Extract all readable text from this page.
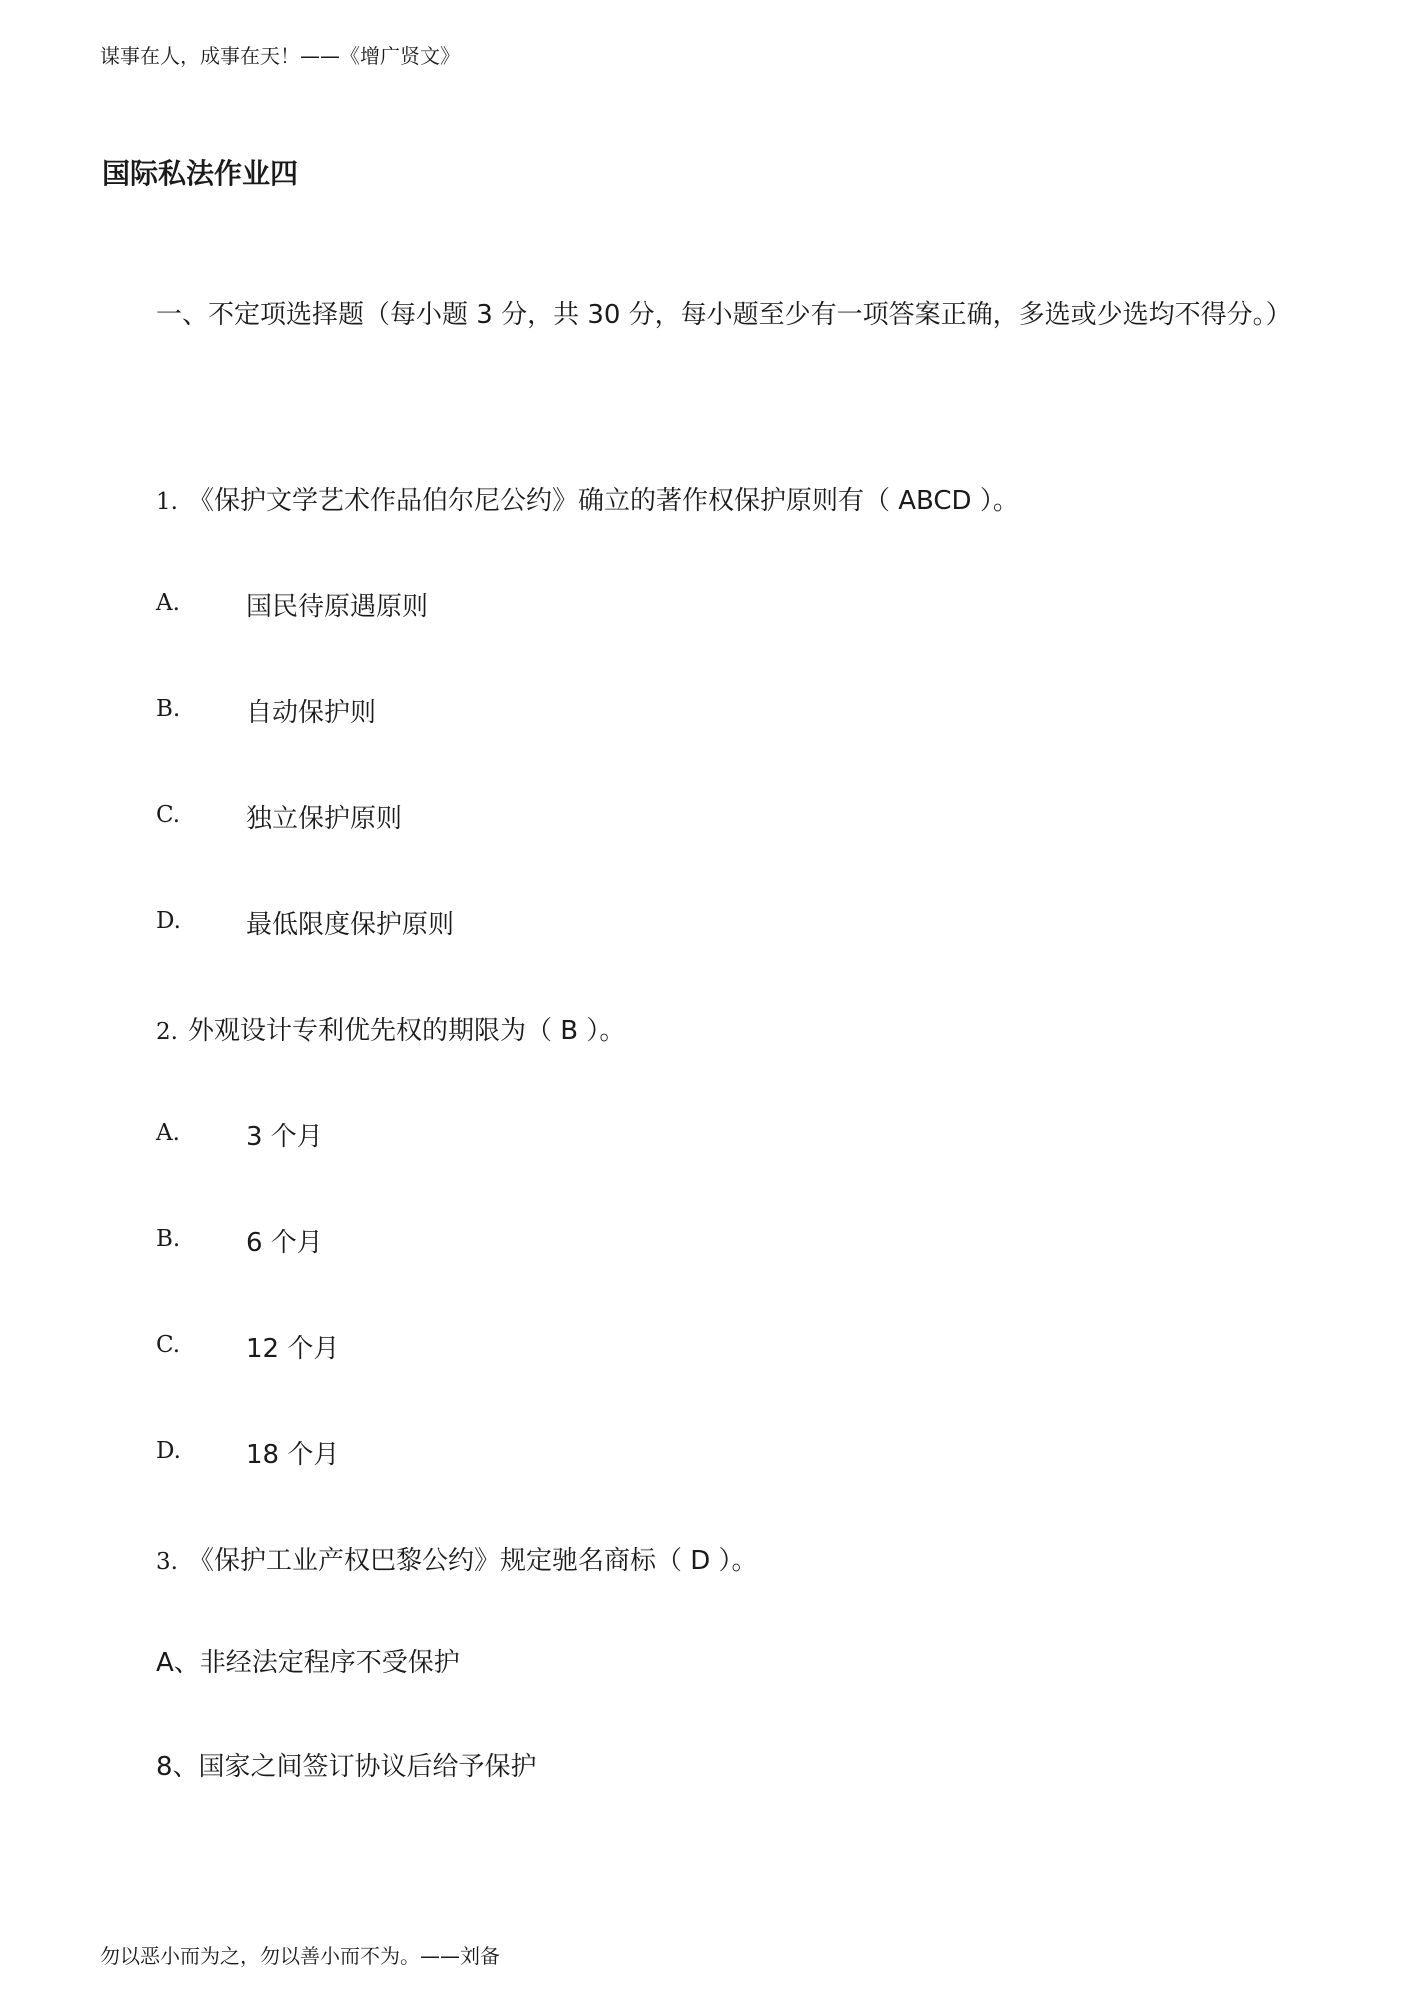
谋事在人，成事在天！——《增广贤文》
国际私法作业四
一、不定项选择题（每小题 3 分，共 30 分，每小题至少有一项答案正确，多选或少选均不得分。）
1. 《保护文学艺术作品伯尔尼公约》确立的著作权保护原则有（ ABCD ）。
A.	国民待原遇原则
B.	自动保护则
C.	独立保护原则
D.	最低限度保护原则
2. 外观设计专利优先权的期限为（ B ）。
A.	3 个月
B.	6 个月
C.	12 个月
D.	18 个月
3. 《保护工业产权巴黎公约》规定驰名商标（ D ）。
A、非经法定程序不受保护
8、国家之间签订协议后给予保护
勿以恶小而为之，勿以善小而不为。——刘备
